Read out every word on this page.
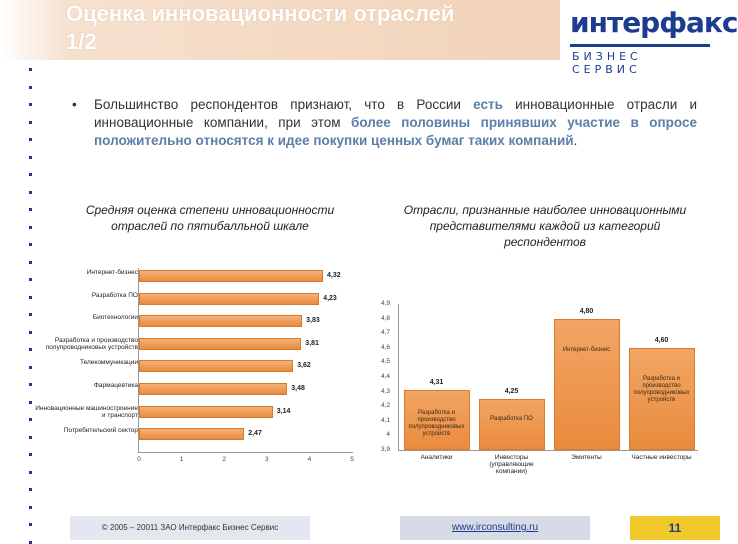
Оценка инновационности отраслей
1/2
интерфакс
БИЗНЕС СЕРВИС
• Большинство респондентов признают, что в России есть инновационные отрасли и инновационные компании, при этом более половины принявших участие в опросе положительно относятся к идее покупки ценных бумаг таких компаний.
Средняя оценка степени инновационности отраслей по пятибалльной шкале
Отрасли, признанные наиболее инновационными представителями каждой из категорий респондентов
Интернет-бизнес	4,32
Разработка ПО	4,23
Биотехнологии	3,83
Разработка и производство полупроводниковых устройств
3,81
Телекоммуникации	3,62
Фармацевтика	3,48
Инновационные машиностроение и транспорт
3,14
Потребительский сектор	2,47
0	1	2	3	4	5
3,9
4
4,1
4,2
4,3
4,4
4,5
4,6
4,7
4,8
4,9
Разработка и производство полупроводниковых устройств
4,31
Аналитики
Разработка ПО
4,25
Инвесторы (управляющие компании)
Интернет-бизнес
4,80
Эмитенты
Разработка и производство полупроводниковых устройств
4,60
Частные инвесторы
© 2005 – 20011 ЗАО Интерфакс Бизнес Сервис	www.irconsulting.ru	11
